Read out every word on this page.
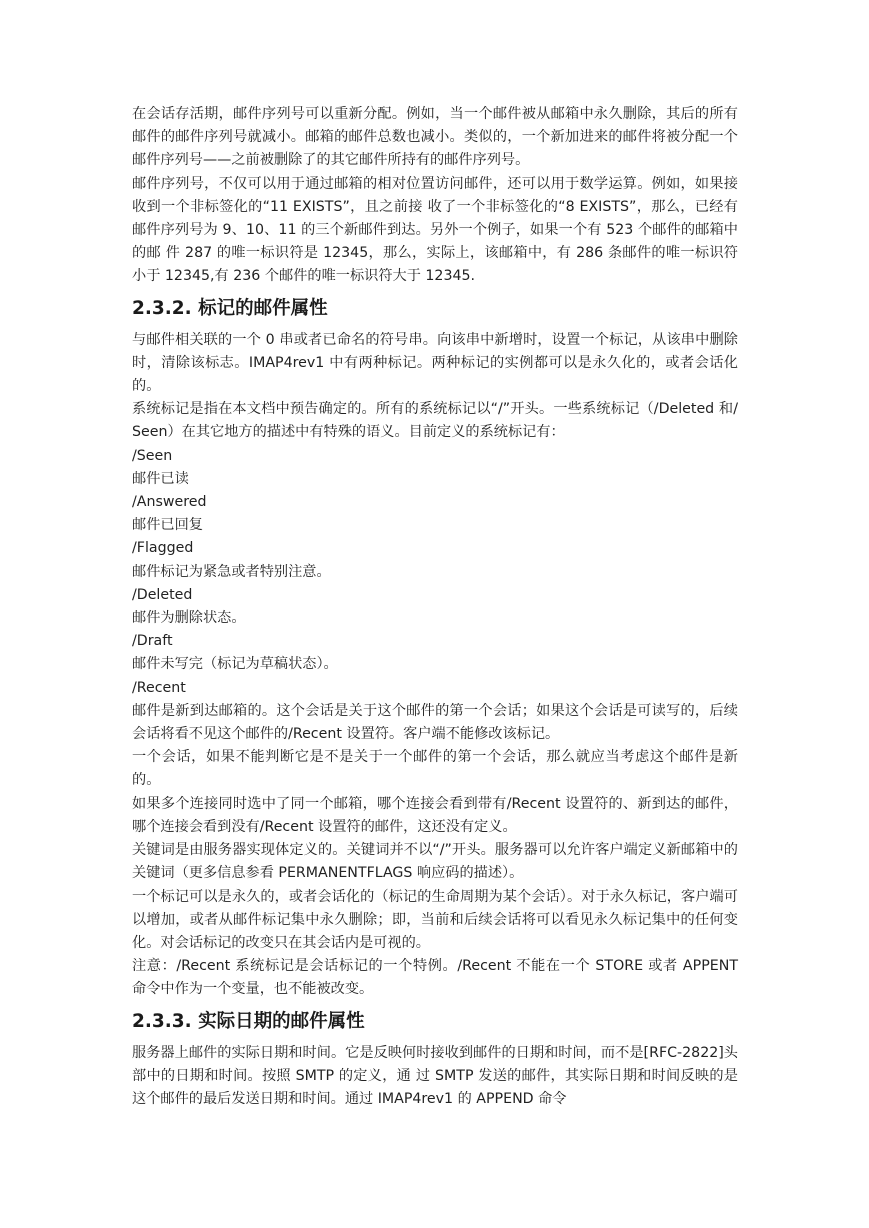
在会话存活期，邮件序列号可以重新分配。例如，当一个邮件被从邮箱中永久删除，其后的所有邮件的邮件序列号就减小。邮箱的邮件总数也减小。类似的，一个新加进来的邮件将被分配一个邮件序列号——之前被删除了的其它邮件所持有的邮件序列号。

邮件序列号，不仅可以用于通过邮箱的相对位置访问邮件，还可以用于数学运算。例如，如果接收到一个非标签化的“11 EXISTS”，且之前接 收了一个非标签化的“8 EXISTS”，那么，已经有邮件序列号为 9、10、11 的三个新邮件到达。另外一个例子，如果一个有 523 个邮件的邮箱中的邮 件 287 的唯一标识符是 12345，那么，实际上，该邮箱中，有 286 条邮件的唯一标识符小于 12345,有 236 个邮件的唯一标识符大于 12345.

2.3.2. 标记的邮件属性

与邮件相关联的一个 0 串或者已命名的符号串。向该串中新增时，设置一个标记，从该串中删除时，清除该标志。IMAP4rev1 中有两种标记。两种标记的实例都可以是永久化的，或者会话化的。

系统标记是指在本文档中预告确定的。所有的系统标记以“/”开头。一些系统标记（/Deleted 和/Seen）在其它地方的描述中有特殊的语义。目前定义的系统标记有：

/Seen

邮件已读

/Answered

邮件已回复

/Flagged

邮件标记为紧急或者特别注意。

/Deleted

邮件为删除状态。

/Draft

邮件未写完（标记为草稿状态）。

/Recent

邮件是新到达邮箱的。这个会话是关于这个邮件的第一个会话；如果这个会话是可读写的，后续会话将看不见这个邮件的/Recent 设置符。客户端不能修改该标记。

一个会话，如果不能判断它是不是关于一个邮件的第一个会话，那么就应当考虑这个邮件是新的。

如果多个连接同时选中了同一个邮箱，哪个连接会看到带有/Recent 设置符的、新到达的邮件，哪个连接会看到没有/Recent 设置符的邮件，这还没有定义。

关键词是由服务器实现体定义的。关键词并不以“/”开头。服务器可以允许客户端定义新邮箱中的关键词（更多信息参看 PERMANENTFLAGS 响应码的描述）。

一个标记可以是永久的，或者会话化的（标记的生命周期为某个会话）。对于永久标记，客户端可以增加，或者从邮件标记集中永久删除；即，当前和后续会话将可以看见永久标记集中的任何变化。对会话标记的改变只在其会话内是可视的。

注意：/Recent 系统标记是会话标记的一个特例。/Recent 不能在一个 STORE 或者 APPENT 命令中作为一个变量，也不能被改变。

2.3.3. 实际日期的邮件属性

服务器上邮件的实际日期和时间。它是反映何时接收到邮件的日期和时间，而不是[RFC-2822]头部中的日期和时间。按照 SMTP 的定义，通 过 SMTP 发送的邮件，其实际日期和时间反映的是这个邮件的最后发送日期和时间。通过 IMAP4rev1 的 APPEND 命令
